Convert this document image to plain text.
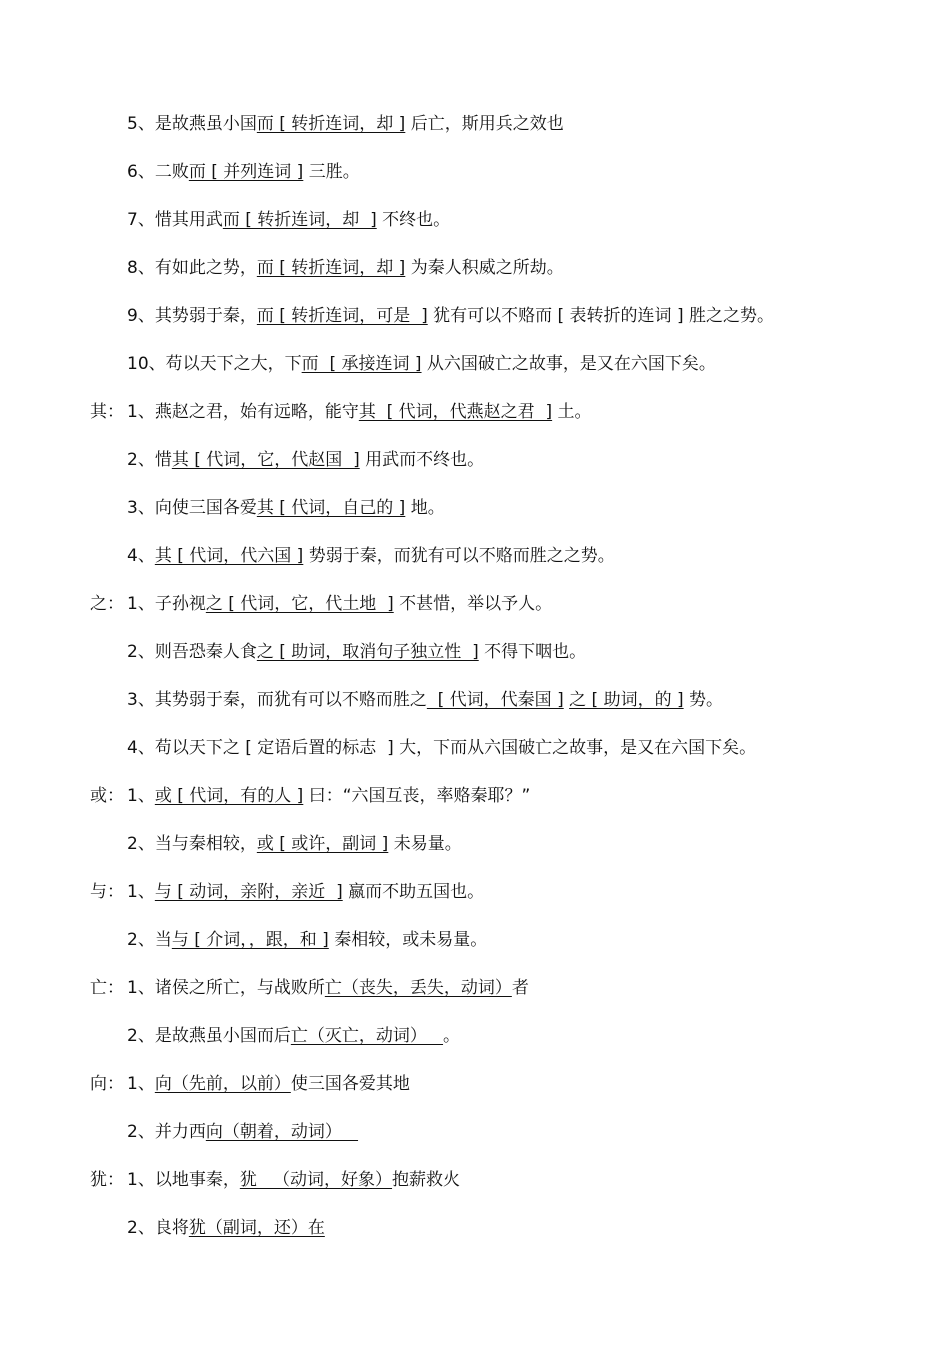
5、是故燕虽小国而 [ 转折连词，却 ] 后亡，斯用兵之效也
6、二败而 [ 并列连词 ] 三胜。
7、惜其用武而 [ 转折连词，却  ] 不终也。
8、有如此之势，而 [ 转折连词，却 ] 为秦人积威之所劫。
9、其势弱于秦，而 [ 转折连词，可是  ] 犹有可以不赂而 [ 表转折的连词 ] 胜之之势。
10、苟以天下之大，下而  [ 承接连词 ] 从六国破亡之故事，是又在六国下矣。
其： 1、燕赵之君，始有远略，能守其  [ 代词，代燕赵之君  ] 土。
2、惜其 [ 代词，它，代赵国  ] 用武而不终也。
3、向使三国各爱其 [ 代词，自己的 ] 地。
4、其 [ 代词，代六国 ] 势弱于秦，而犹有可以不赂而胜之之势。
之： 1、子孙视之 [ 代词，它，代土地  ] 不甚惜，举以予人。
2、则吾恐秦人食之 [ 助词，取消句子独立性  ] 不得下咽也。
3、其势弱于秦，而犹有可以不赂而胜之  [ 代词，代秦国 ] 之 [ 助词，的 ] 势。
4、苟以天下之 [ 定语后置的标志  ] 大，下而从六国破亡之故事，是又在六国下矣。
或： 1、或 [ 代词，有的人 ] 曰：“六国互丧，率赂秦耶？”
2、当与秦相较，或 [ 或许，副词 ] 未易量。
与： 1、与 [ 动词，亲附，亲近  ] 嬴而不助五国也。
2、当与 [ 介词，，跟，和 ] 秦相较，或未易量。
亡： 1、诸侯之所亡，与战败所亡（丧失，丢失，动词）者
2、是故燕虽小国而后亡（灭亡，动词）   。
向： 1、向（先前，以前）使三国各爱其地
2、并力西向（朝着，动词）
犹： 1、以地事秦，犹   （动词，好象）抱薪救火
2、良将犹（副词，还）在
